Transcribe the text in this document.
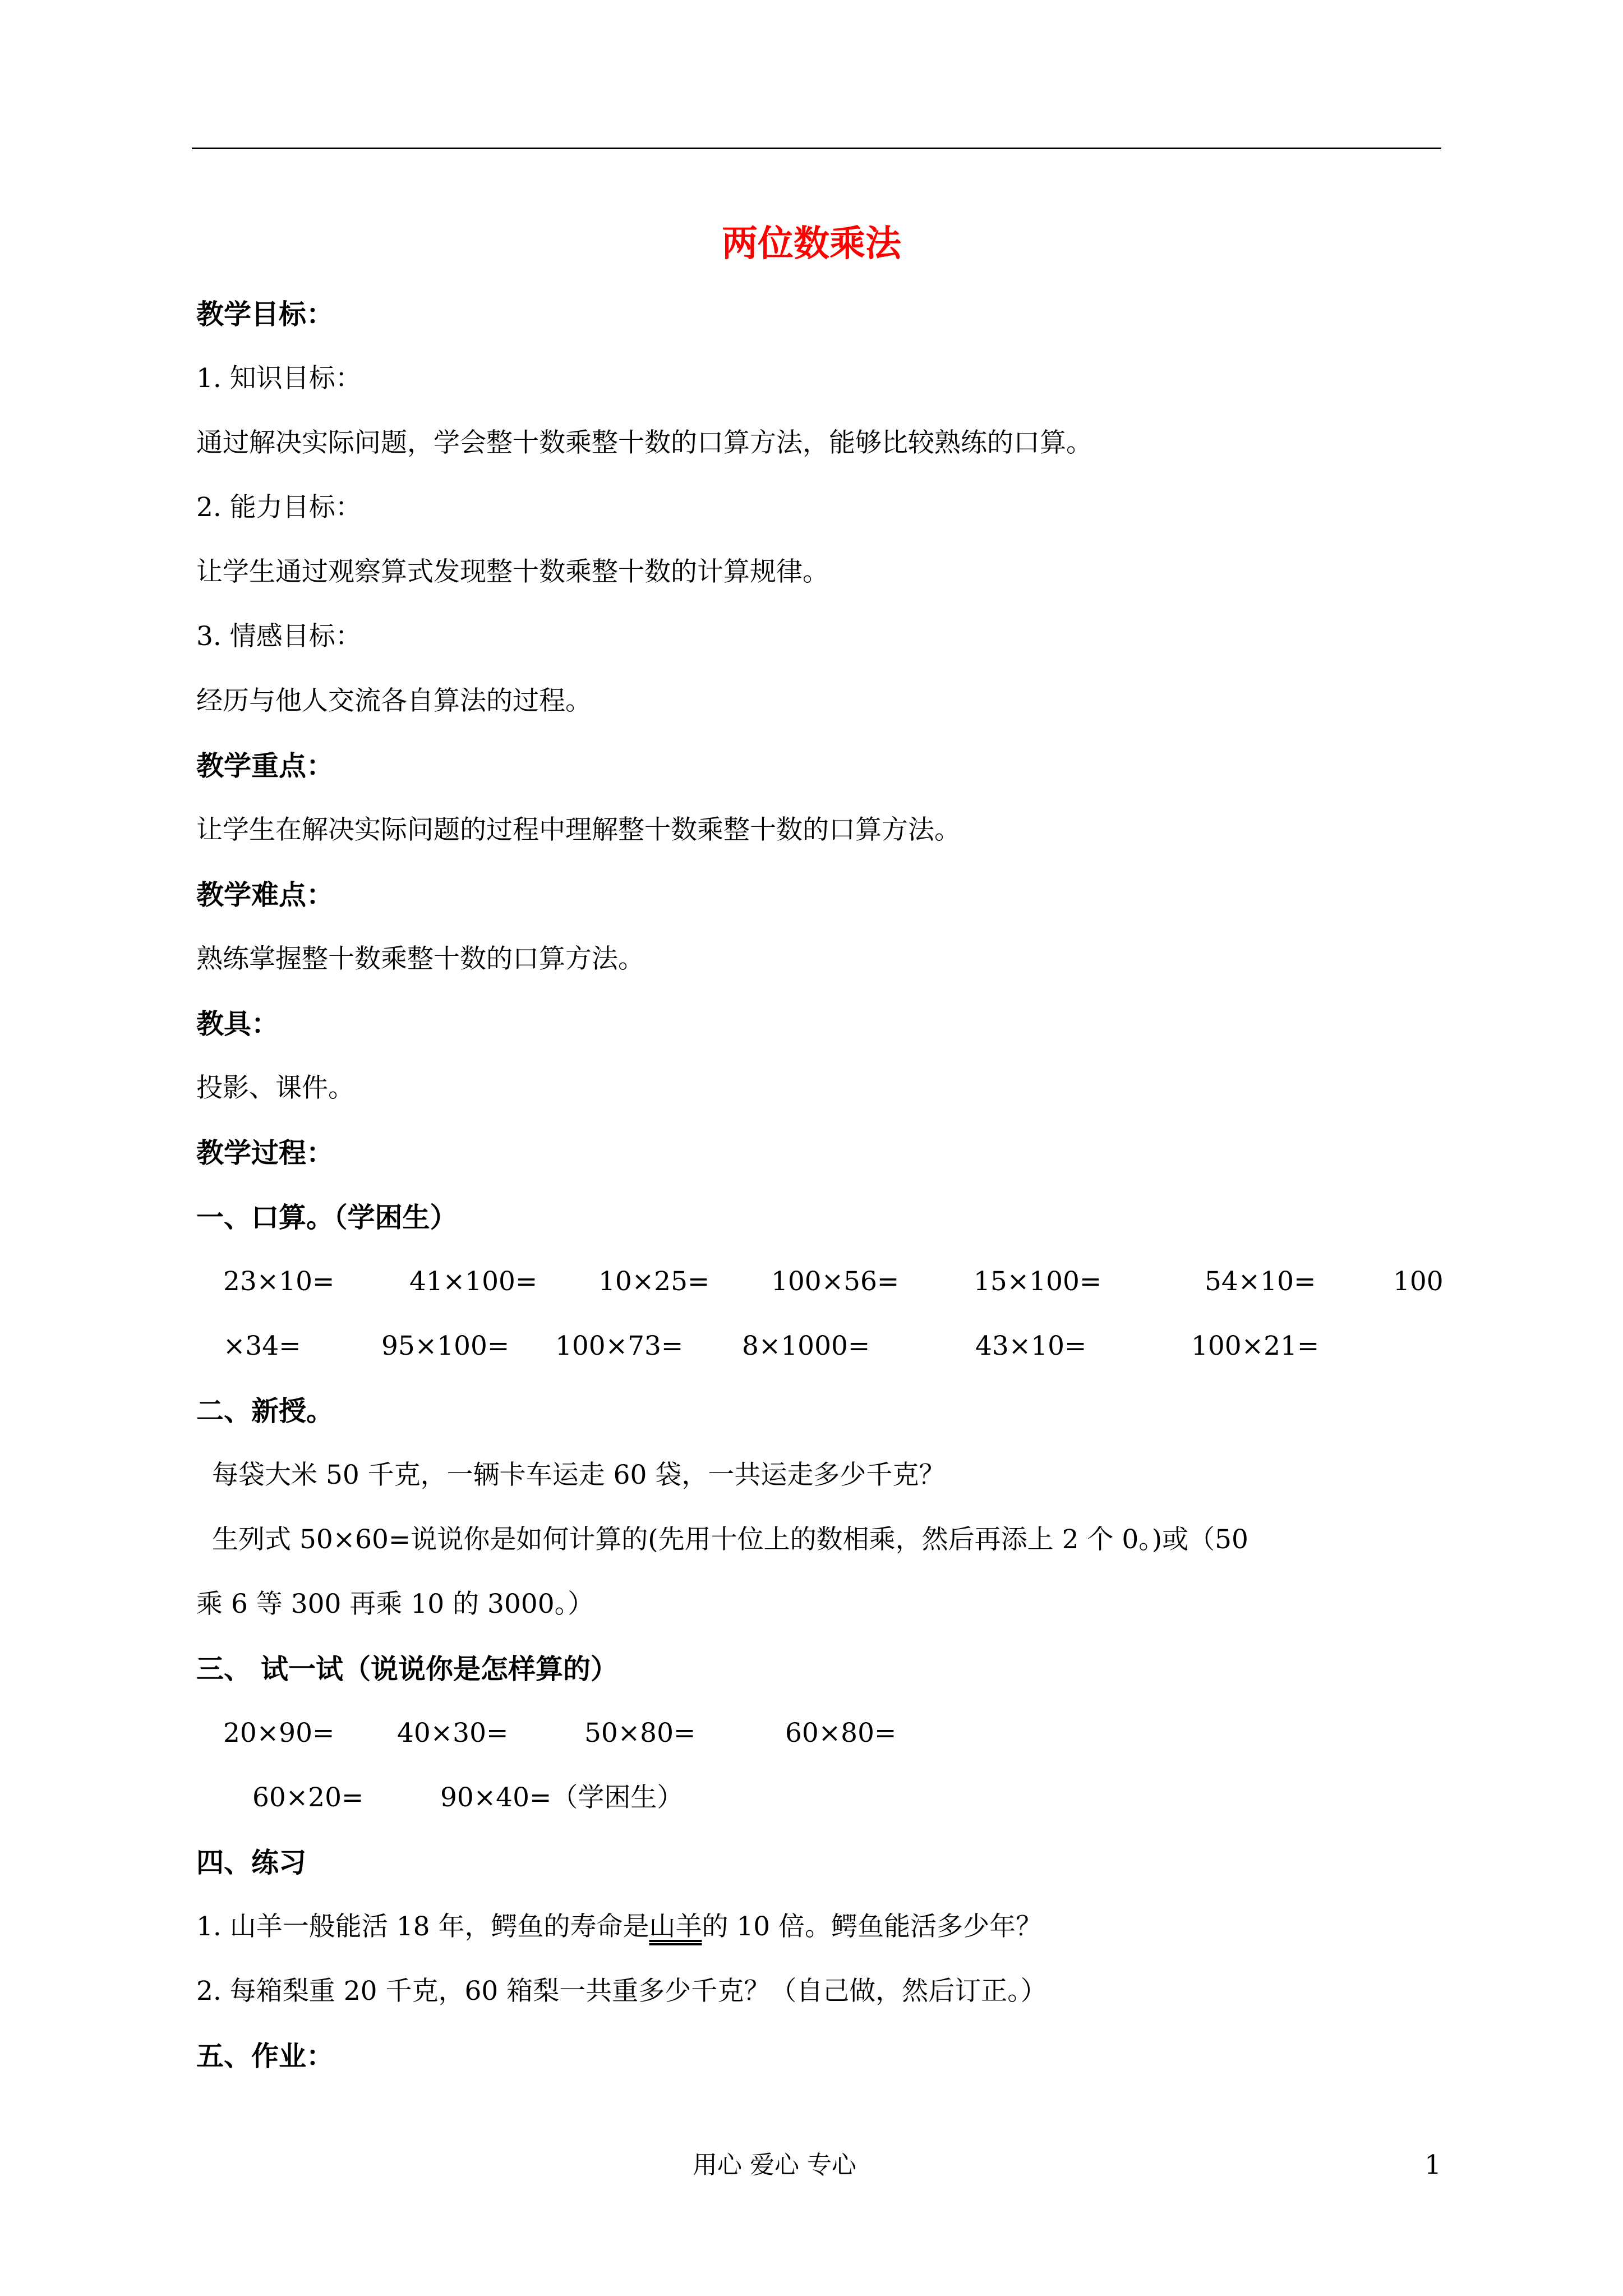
两位数乘法
教学目标：
1. 知识目标：
通过解决实际问题，学会整十数乘整十数的口算方法，能够比较熟练的口算。
2. 能力目标：
让学生通过观察算式发现整十数乘整十数的计算规律。
3. 情感目标：
经历与他人交流各自算法的过程。
教学重点：
让学生在解决实际问题的过程中理解整十数乘整十数的口算方法。
教学难点：
熟练掌握整十数乘整十数的口算方法。
教具：
投影、课件。
教学过程：
一、口算。（学困生）
23×10=	41×100= 10×25= 100×56=	15×100=	54×10=	100
×34=	95×100= 100×73= 8×1000=	43×10=	100×21=
二、新授。
每袋大米 50 千克，一辆卡车运走 60 袋，一共运走多少千克？
生列式 50×60=说说你是如何计算的(先用十位上的数相乘，然后再添上 2 个 0。)或（50
乘 6 等 300 再乘 10 的 3000。）
三、 试一试（说说你是怎样算的）
20×90= 40×30=	50×80=	60×80=
60×20=	90×40=（学困生）
四、练习
1. 山羊一般能活 18 年，鳄鱼的寿命是山羊的 10 倍。鳄鱼能活多少年？
2. 每箱梨重 20 千克，60 箱梨一共重多少千克？（自己做，然后订正。）
五、作业：
用心 爱心 专心	1
